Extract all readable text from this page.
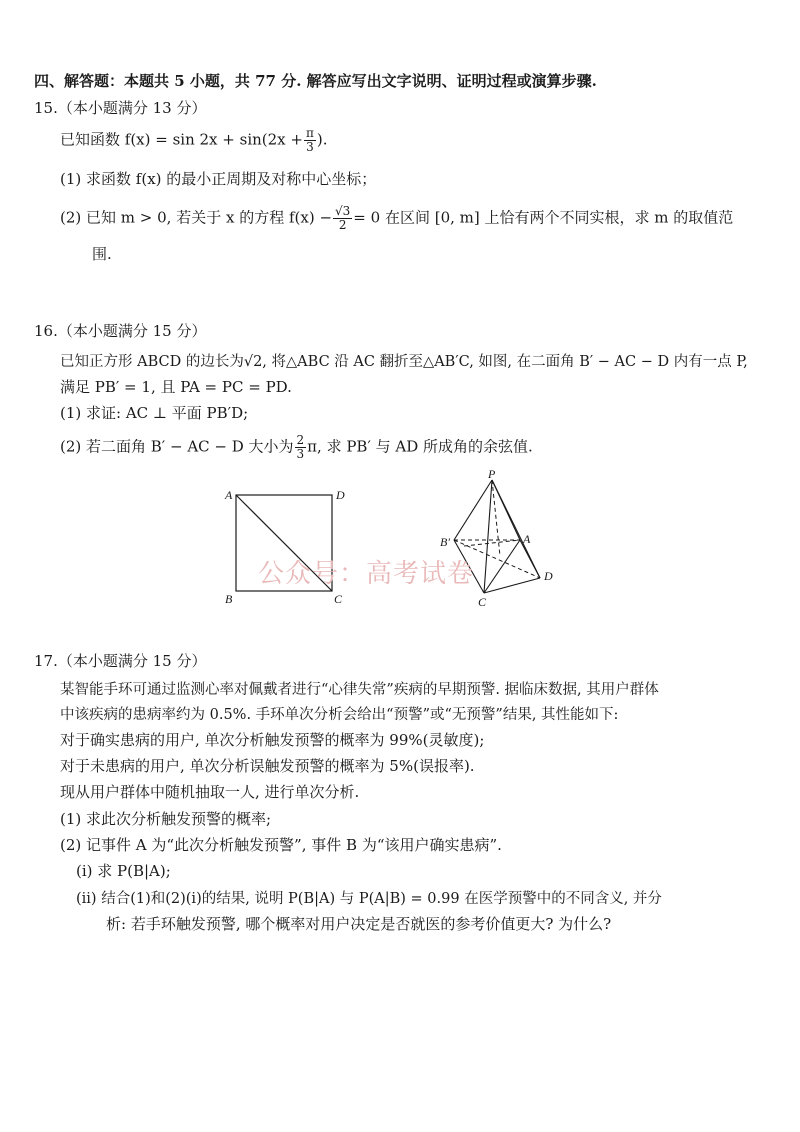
四、解答题：本题共 5 小题，共 77 分. 解答应写出文字说明、证明过程或演算步骤.
15.（本小题满分 13 分）
已知函数 $f(x) = \sin 2x + \sin(2x + \frac{\pi}{3}$ ).
(1) 求函数 f(x) 的最小正周期及对称中心坐标；
(2) 已知 m > 0, 若关于 x 的方程 $f(x) - \frac{√3}{2} = 0$ 在区间 [0, m] 上恰有两个不同实根，求 m 的取值范
围.
16.（本小题满分 15 分）
已知正方形 ABCD 的边长为√2, 将△ABC 沿 AC 翻折至△AB′C, 如图, 在二面角 B′ − AC − D 内有一点 P,
满足 PB′ = 1, 且 PA = PC = PD.
(1) 求证: AC ⊥ 平面 PB′D;
(2) 若二面角 B′ − AC − D 大小为 $\frac{2}{3} \pi$, 求 PB′ 与 AD 所成角的余弦值.
A	D
B	C
P
A
B′
C
D
公众号：高考试卷
17.（本小题满分 15 分）
某智能手环可通过监测心率对佩戴者进行“心律失常”疾病的早期预警. 据临床数据, 其用户群体
中该疾病的患病率约为 0.5%. 手环单次分析会给出“预警”或“无预警”结果, 其性能如下:
对于确实患病的用户, 单次分析触发预警的概率为 99%(灵敏度);
对于未患病的用户, 单次分析误触发预警的概率为 5%(误报率).
现从用户群体中随机抽取一人, 进行单次分析.
(1) 求此次分析触发预警的概率;
(2) 记事件 A 为“此次分析触发预警”, 事件 B 为“该用户确实患病”.
(i) 求 P(B|A);
(ii) 结合(1)和(2)(i)的结果, 说明 P(B|A) 与 P(A|B) = 0.99 在医学预警中的不同含义, 并分
析: 若手环触发预警, 哪个概率对用户决定是否就医的参考价值更大? 为什么?
